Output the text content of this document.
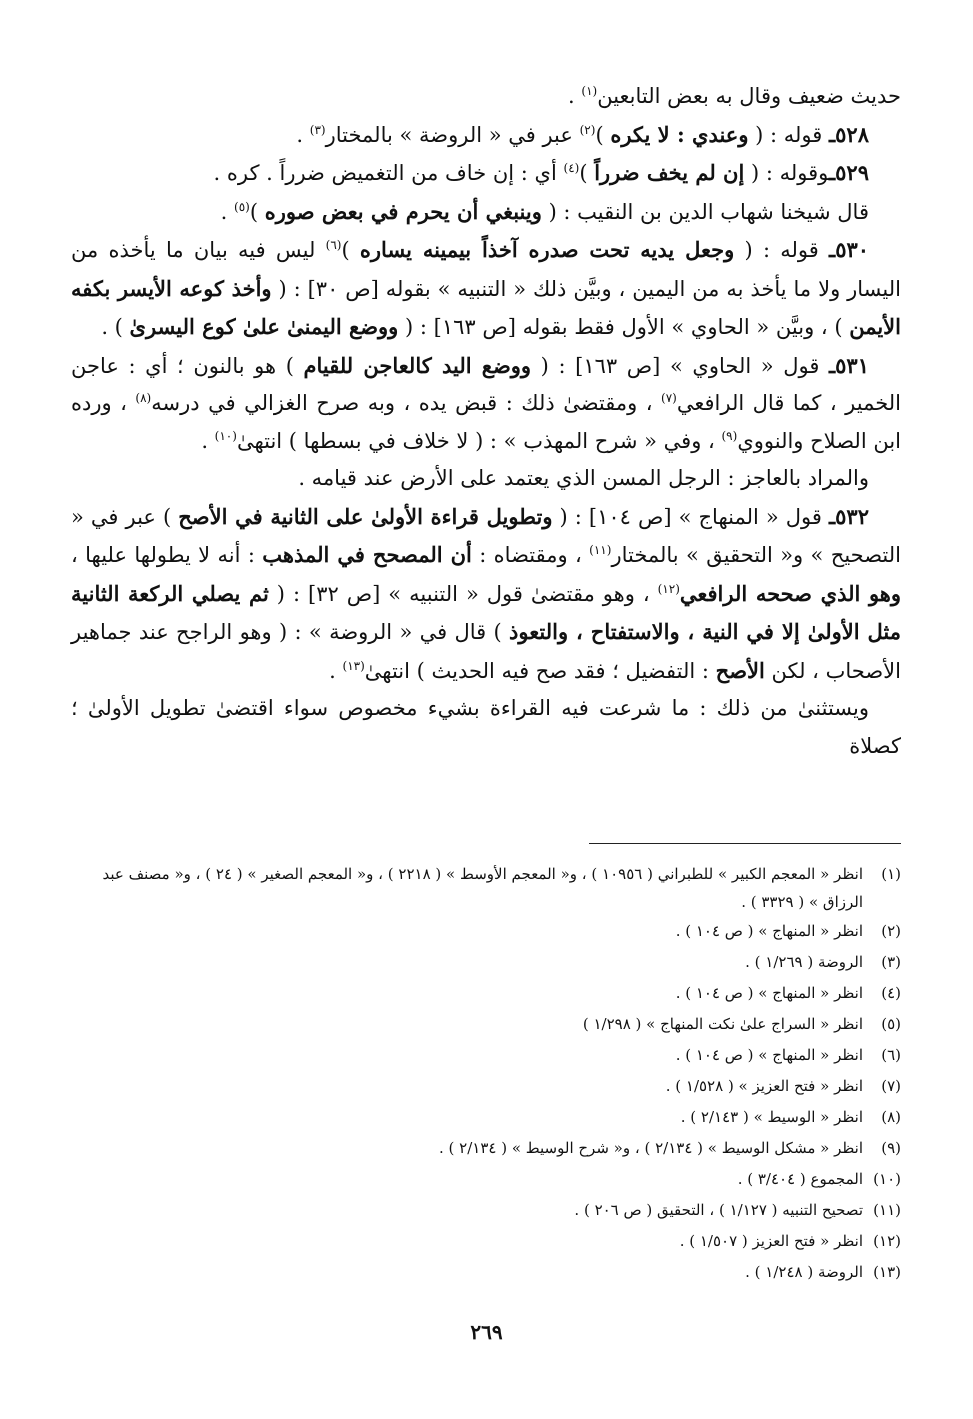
حديث ضعيف وقال به بعض التابعين$^{(١)}$ .

٥٢٨ـ قوله : ( وعندي : لا يكره )$^{(٢)}$ عبر في « الروضة » بالمختار$^{(٣)}$ .

٥٢٩ـوقوله : ( إن لم يخف ضرراً )$^{(٤)}$ أي : إن خاف من التغميض ضرراً . كره .

قال شيخنا شهاب الدين بن النقيب : ( وينبغي أن يحرم في بعض صوره )$^{(٥)}$ .

٥٣٠ـ قوله : ( وجعل يديه تحت صدره آخذاً بيمينه يساره )$^{(٦)}$ ليس فيه بيان ما يأخذه من اليسار ولا ما يأخذ به من اليمين ، وبيَّن ذلك « التنبيه » بقوله [ص ٣٠] : ( وأخذ كوعه الأيسر بكفه الأيمن ) ، وبيَّن « الحاوي » الأول فقط بقوله [ص ١٦٣] : ( ووضع اليمنىٰ علىٰ كوع اليسرىٰ ) .

٥٣١ـ قول « الحاوي » [ص ١٦٣] : ( ووضع اليد كالعاجن للقيام ) هو بالنون ؛ أي : عاجن الخمير ، كما قال الرافعي$^{(٧)}$ ، ومقتضىٰ ذلك : قبض يده ، وبه صرح الغزالي في درسه$^{(٨)}$ ، ورده ابن الصلاح والنووي$^{(٩)}$ ، وفي « شرح المهذب » : ( لا خلاف في بسطها ) انتهىٰ$^{(١٠)}$ .

والمراد بالعاجز : الرجل المسن الذي يعتمد على الأرض عند قيامه .

٥٣٢ـ قول « المنهاج » [ص ١٠٤] : ( وتطويل قراءة الأولىٰ على الثانية في الأصح ) عبر في « التصحيح » و« التحقيق » بالمختار$^{(١١)}$ ، ومقتضاه : أن المصحح في المذهب : أنه لا يطولها عليها ، وهو الذي صححه الرافعي$^{(١٢)}$ ، وهو مقتضىٰ قول « التنبيه » [ص ٣٢] : ( ثم يصلي الركعة الثانية مثل الأولىٰ إلا في النية ، والاستفتاح ، والتعوذ ) قال في « الروضة » : ( وهو الراجح عند جماهير الأصحاب ، لكن الأصح : التفضيل ؛ فقد صح فيه الحديث ) انتهىٰ$^{(١٣)}$ .

ويستثنىٰ من ذلك : ما شرعت فيه القراءة بشيء مخصوص سواء اقتضىٰ تطويل الأولىٰ ؛ كصلاة

(١)
انظر « المعجم الكبير » للطبراني ( ١٠٩٥٦ ) ، و« المعجم الأوسط » ( ٢٢١٨ ) ، و« المعجم الصغير » ( ٢٤ ) ، و« مصنف عبد الرزاق » ( ٣٣٢٩ ) .
(٢)
انظر « المنهاج » ( ص ١٠٤ ) .
(٣)
الروضة ( ١/٢٦٩ ) .
(٤)
انظر « المنهاج » ( ص ١٠٤ ) .
(٥)
انظر « السراج علىٰ نكت المنهاج » ( ١/٢٩٨ )
(٦)
انظر « المنهاج » ( ص ١٠٤ ) .
(٧)
انظر « فتح العزيز » ( ١/٥٢٨ ) .
(٨)
انظر « الوسيط » ( ٢/١٤٣ ) .
(٩)
انظر « مشكل الوسيط » ( ٢/١٣٤ ) ، و« شرح الوسيط » ( ٢/١٣٤ ) .
(١٠)
المجموع ( ٣/٤٠٤ ) .
(١١)
تصحيح التنبيه ( ١/١٢٧ ) ، التحقيق ( ص ٢٠٦ ) .
(١٢)
انظر « فتح العزيز ( ١/٥٠٧ ) .
(١٣)
الروضة ( ١/٢٤٨ ) .
٢٦٩
